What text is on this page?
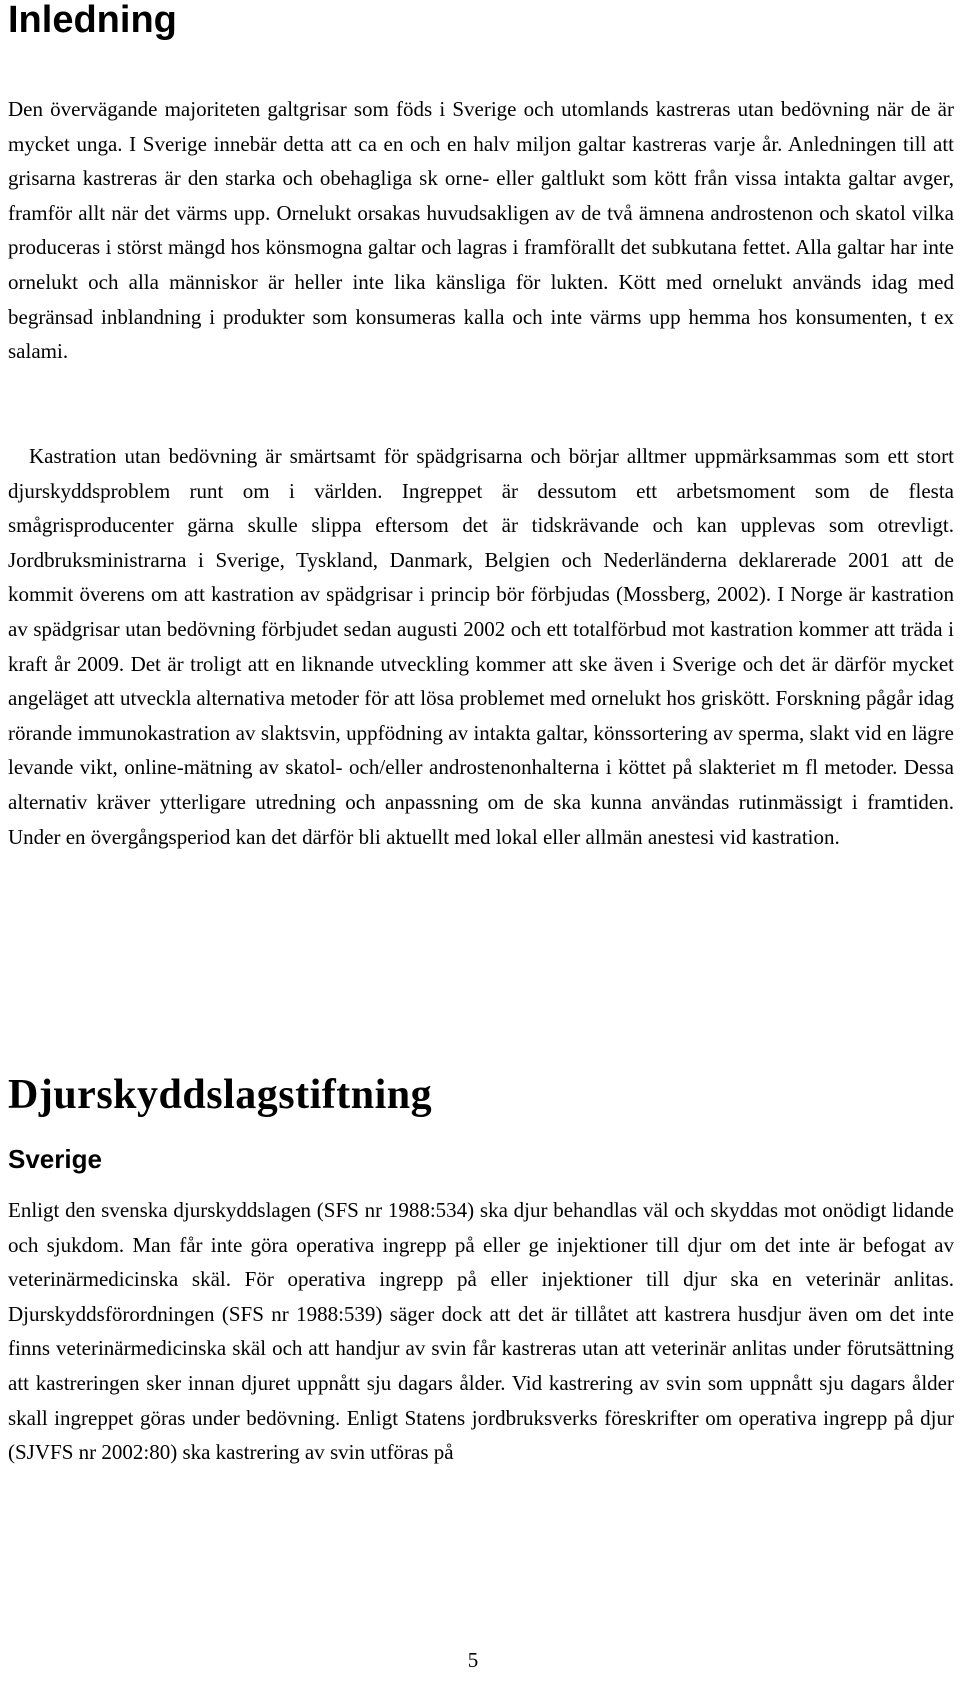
Inledning

Den övervägande majoriteten galtgrisar som föds i Sverige och utomlands kastreras utan bedövning när de är mycket unga. I Sverige innebär detta att ca en och en halv miljon galtar kastreras varje år. Anledningen till att grisarna kastreras är den starka och obehagliga sk orne- eller galtlukt som kött från vissa intakta galtar avger, framför allt när det värms upp. Ornelukt orsakas huvudsakligen av de två ämnena androstenon och skatol vilka produceras i störst mängd hos könsmogna galtar och lagras i framförallt det subkutana fettet. Alla galtar har inte ornelukt och alla människor är heller inte lika känsliga för lukten. Kött med ornelukt används idag med begränsad inblandning i produkter som konsumeras kalla och inte värms upp hemma hos konsumenten, t ex salami.

Kastration utan bedövning är smärtsamt för spädgrisarna och börjar alltmer uppmärksammas som ett stort djurskyddsproblem runt om i världen. Ingreppet är dessutom ett arbetsmoment som de flesta smågrisproducenter gärna skulle slippa eftersom det är tidskrävande och kan upplevas som otrevligt. Jordbruksministrarna i Sverige, Tyskland, Danmark, Belgien och Nederländerna deklarerade 2001 att de kommit överens om att kastration av spädgrisar i princip bör förbjudas (Mossberg, 2002). I Norge är kastration av spädgrisar utan bedövning förbjudet sedan augusti 2002 och ett totalförbud mot kastration kommer att träda i kraft år 2009. Det är troligt att en liknande utveckling kommer att ske även i Sverige och det är därför mycket angeläget att utveckla alternativa metoder för att lösa problemet med ornelukt hos griskött. Forskning pågår idag rörande immunokastration av slaktsvin, uppfödning av intakta galtar, könssortering av sperma, slakt vid en lägre levande vikt, online-mätning av skatol- och/eller androstenonhalterna i köttet på slakteriet m fl metoder. Dessa alternativ kräver ytterligare utredning och anpassning om de ska kunna användas rutinmässigt i framtiden. Under en övergångsperiod kan det därför bli aktuellt med lokal eller allmän anestesi vid kastration.

Djurskyddslagstiftning
Sverige

Enligt den svenska djurskyddslagen (SFS nr 1988:534) ska djur behandlas väl och skyddas mot onödigt lidande och sjukdom. Man får inte göra operativa ingrepp på eller ge injektioner till djur om det inte är befogat av veterinärmedicinska skäl. För operativa ingrepp på eller injektioner till djur ska en veterinär anlitas. Djurskyddsförordningen (SFS nr 1988:539) säger dock att det är tillåtet att kastrera husdjur även om det inte finns veterinärmedicinska skäl och att handjur av svin får kastreras utan att veterinär anlitas under förutsättning att kastreringen sker innan djuret uppnått sju dagars ålder. Vid kastrering av svin som uppnått sju dagars ålder skall ingreppet göras under bedövning. Enligt Statens jordbruksverks föreskrifter om operativa ingrepp på djur (SJVFS nr 2002:80) ska kastrering av svin utföras på

5
